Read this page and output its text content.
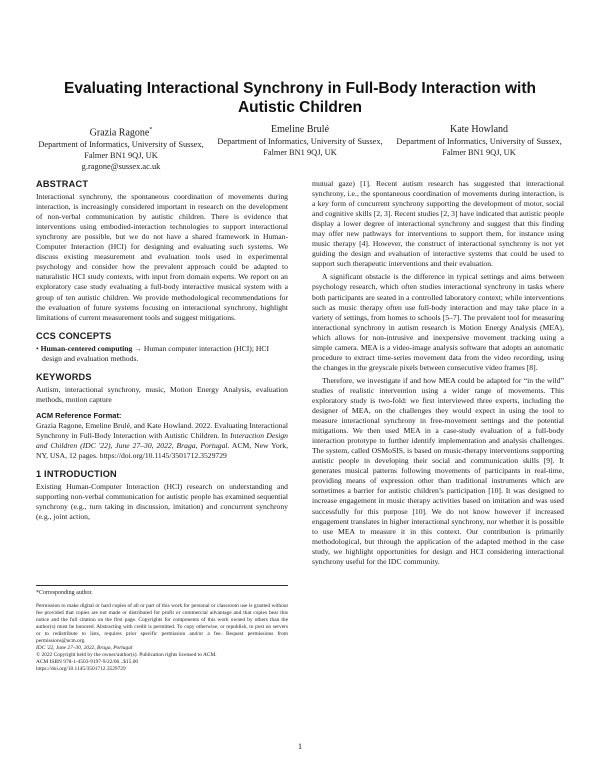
Evaluating Interactional Synchrony in Full-Body Interaction with Autistic Children
Grazia Ragone*
Department of Informatics, University of Sussex, Falmer BN1 9QJ, UK
g.ragone@sussex.ac.uk
Emeline Brulé
Department of Informatics, University of Sussex, Falmer BN1 9QJ, UK
Kate Howland
Department of Informatics, University of Sussex, Falmer BN1 9QJ, UK
ABSTRACT

Interactional synchrony, the spontaneous coordination of movements during interaction, is increasingly considered important in research on the development of non-verbal communication by autistic children. There is evidence that interventions using embodied-interaction technologies to support interactional synchrony are possible, but we do not have a shared framework in Human-Computer Interaction (HCI) for designing and evaluating such systems. We discuss existing measurement and evaluation tools used in experimental psychology and consider how the prevalent approach could be adapted to naturalistic HCI study contexts, with input from domain experts. We report on an exploratory case study evaluating a full-body interactive musical system with a group of ten autistic children. We provide methodological recommendations for the evaluation of future systems focusing on interactional synchrony, highlight limitations of current measurement tools and suggest mitigations.

CCS CONCEPTS
• Human-centered computing → Human computer interaction (HCI); HCI design and evaluation methods.
KEYWORDS

Autism, interactional synchrony, music, Motion Energy Analysis, evaluation methods, motion capture

ACM Reference Format:

Grazia Ragone, Emeline Brulé, and Kate Howland. 2022. Evaluating Interactional Synchrony in Full-Body Interaction with Autistic Children. In Interaction Design and Children (IDC '22), June 27–30, 2022, Braga, Portugal. ACM, New York, NY, USA, 12 pages. https://doi.org/10.1145/3501712.3529729

1 INTRODUCTION

Existing Human-Computer Interaction (HCI) research on understanding and supporting non-verbal communication for autistic people has examined sequential synchrony (e.g., turn taking in discussion, imitation) and concurrent synchrony (e.g., joint action,

*Corresponding author.

Permission to make digital or hard copies of all or part of this work for personal or classroom use is granted without fee provided that copies are not made or distributed for profit or commercial advantage and that copies bear this notice and the full citation on the first page. Copyrights for components of this work owned by others than the author(s) must be honored. Abstracting with credit is permitted. To copy otherwise, or republish, to post on servers or to redistribute to lists, requires prior specific permission and/or a fee. Request permissions from permissions@acm.org.

IDC '22, June 27–30, 2022, Braga, Portugal

© 2022 Copyright held by the owner/author(s). Publication rights licensed to ACM.

ACM ISBN 978-1-4503-9197-9/22/06...$15.00

https://doi.org/10.1145/3501712.3529729

mutual gaze) [1]. Recent autism research has suggested that interactional synchrony, i.e., the spontaneous coordination of movements during interaction, is a key form of concurrent synchrony supporting the development of motor, social and cognitive skills [2, 3]. Recent studies [2, 3] have indicated that autistic people display a lower degree of interactional synchrony and suggest that this finding may offer new pathways for interventions to support them, for instance using music therapy [4]. However, the construct of interactional synchrony is not yet guiding the design and evaluation of interactive systems that could be used to support such therapeutic interventions and their evaluation.

A significant obstacle is the difference in typical settings and aims between psychology research, which often studies interactional synchrony in tasks where both participants are seated in a controlled laboratory context; while interventions such as music therapy often use full-body interaction and may take place in a variety of settings, from homes to schools [5–7]. The prevalent tool for measuring interactional synchrony in autism research is Motion Energy Analysis (MEA), which allows for non-intrusive and inexpensive movement tracking using a simple camera. MEA is a video-image analysis software that adopts an automatic procedure to extract time-series movement data from the video recording, using the changes in the greyscale pixels between consecutive video frames [8].

Therefore, we investigate if and how MEA could be adapted for “in the wild” studies of realistic intervention using a wider range of movements. This exploratory study is two-fold: we first interviewed three experts, including the designer of MEA, on the challenges they would expect in using the tool to measure interactional synchrony in free-movement settings and the potential mitigations. We then used MEA in a case-study evaluation of a full-body interaction prototype to further identify implementation and analysis challenges. The system, called OSMoSIS, is based on music-therapy interventions supporting autistic people in developing their social and communication skills [9]. It generates musical patterns following movements of participants in real-time, providing means of expression other than traditional instruments which are sometimes a barrier for autistic children’s participation [10]. It was designed to increase engagement in music therapy activities based on imitation and was used successfully for this purpose [10]. We do not know however if increased engagement translates in higher interactional synchrony, nor whether it is possible to use MEA to measure it in this context. Our contribution is primarily methodological, but through the application of the adapted method in the case study, we highlight opportunities for design and HCI considering interactional synchrony useful for the IDC community.

1
